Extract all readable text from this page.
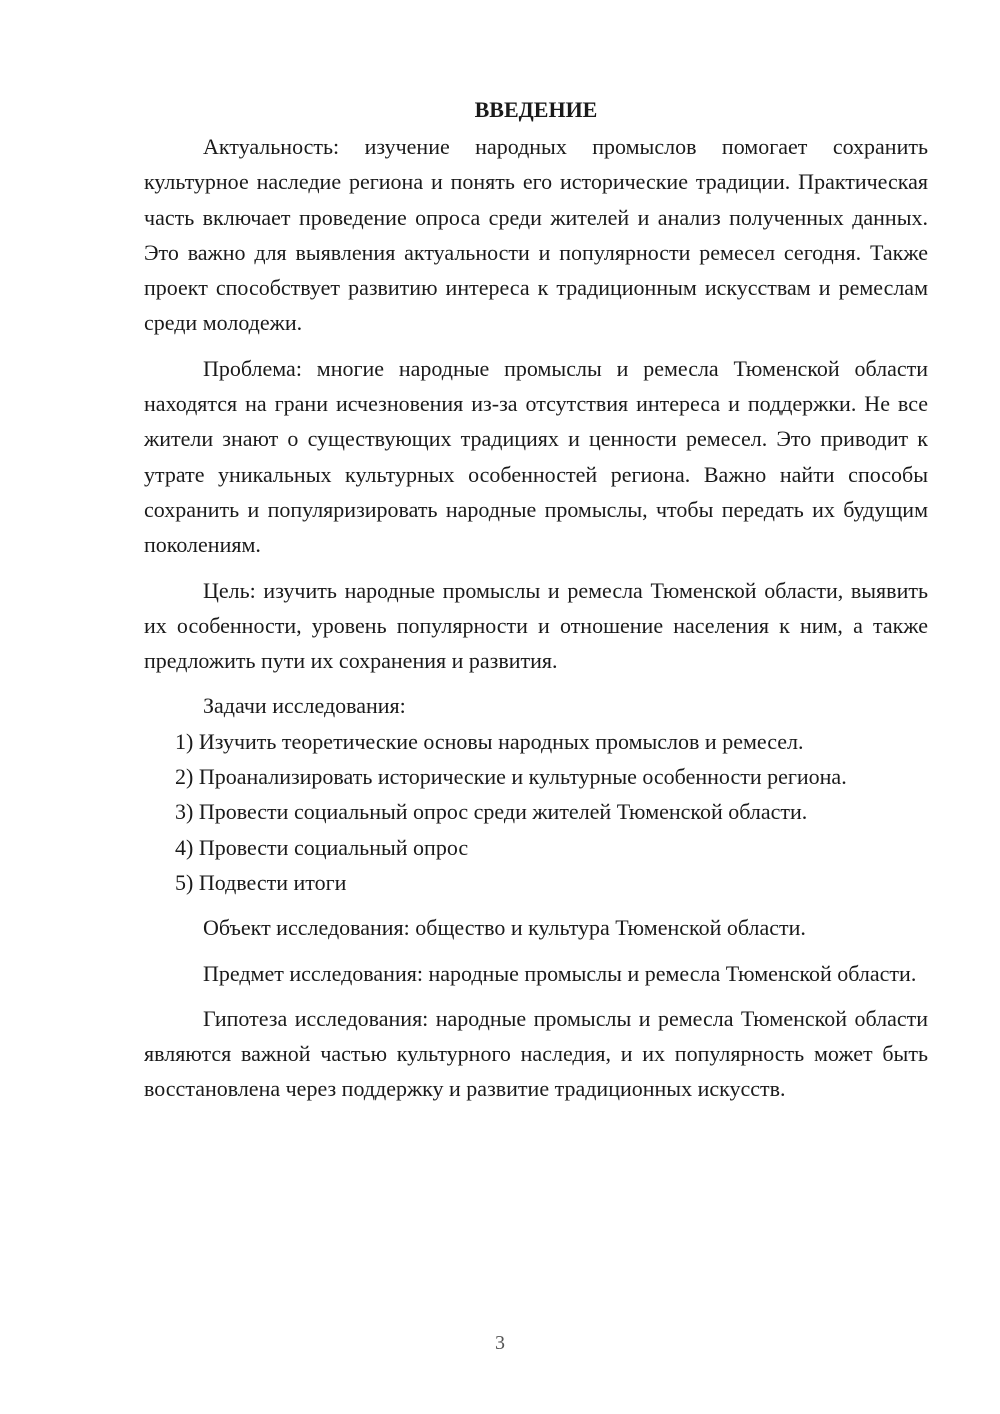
ВВЕДЕНИЕ

Актуальность: изучение народных промыслов помогает сохранить культурное наследие региона и понять его исторические традиции. Практическая часть включает проведение опроса среди жителей и анализ полученных данных. Это важно для выявления актуальности и популярности ремесел сегодня. Также проект способствует развитию интереса к традиционным искусствам и ремеслам среди молодежи.

Проблема: многие народные промыслы и ремесла Тюменской области находятся на грани исчезновения из-за отсутствия интереса и поддержки. Не все жители знают о существующих традициях и ценности ремесел. Это приводит к утрате уникальных культурных особенностей региона. Важно найти способы сохранить и популяризировать народные промыслы, чтобы передать их будущим поколениям.

Цель: изучить народные промыслы и ремесла Тюменской области, выявить их особенности, уровень популярности и отношение населения к ним, а также предложить пути их сохранения и развития.

Задачи исследования:

1) Изучить теоретические основы народных промыслов и ремесел.

2) Проанализировать исторические и культурные особенности региона.

3) Провести социальный опрос среди жителей Тюменской области.

4) Провести социальный опрос

5) Подвести итоги

Объект исследования: общество и культура Тюменской области.

Предмет исследования: народные промыслы и ремесла Тюменской области.

Гипотеза исследования: народные промыслы и ремесла Тюменской области являются важной частью культурного наследия, и их популярность может быть восстановлена через поддержку и развитие традиционных искусств.

3
